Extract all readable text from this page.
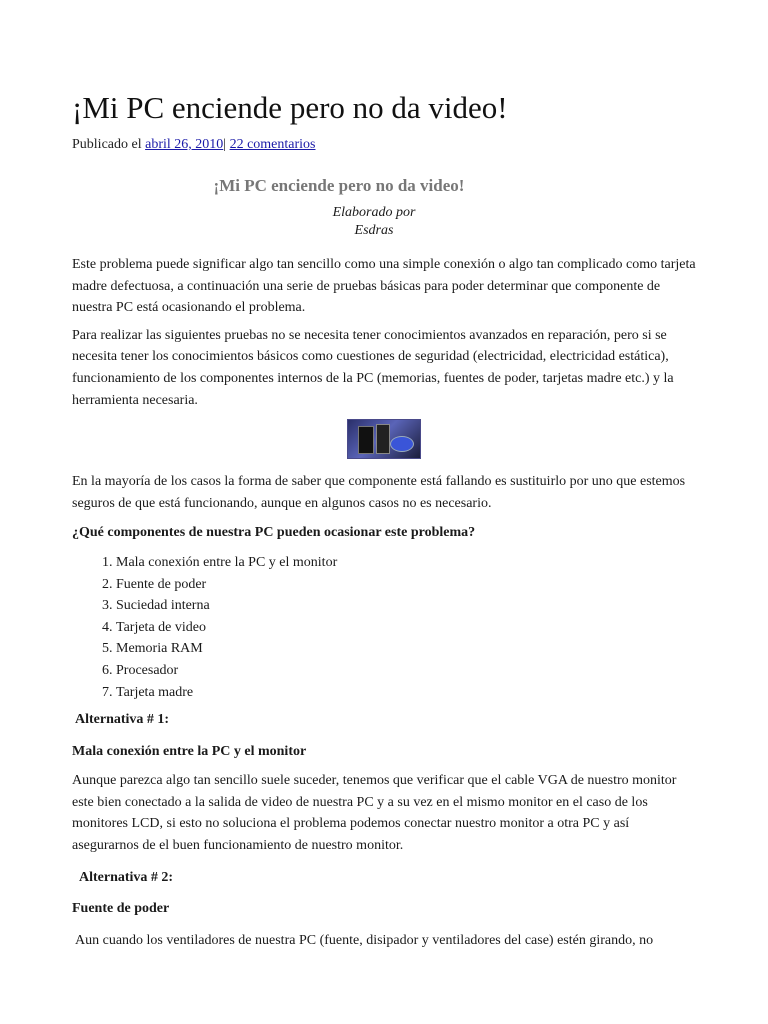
¡Mi PC enciende pero no da video!
Publicado el abril 26, 2010| 22 comentarios
¡Mi PC enciende pero no da video!
Elaborado por
Esdras

Este problema puede significar algo tan sencillo como una simple conexión o algo tan complicado como tarjeta madre defectuosa, a continuación una serie de pruebas básicas para poder determinar que componente de nuestra PC está ocasionando el problema.

Para realizar las siguientes pruebas no se necesita tener conocimientos avanzados en reparación, pero si se necesita tener los conocimientos básicos como cuestiones de seguridad (electricidad, electricidad estática), funcionamiento de los componentes internos de la PC (memorias, fuentes de poder, tarjetas madre etc.) y la herramienta necesaria.

En la mayoría de los casos la forma de saber que componente está fallando es sustituirlo por uno que estemos seguros de que está funcionando, aunque en algunos casos no es necesario.

¿Qué componentes de nuestra PC pueden ocasionar este problema?

1. Mala conexión entre la PC y el monitor
2. Fuente de poder
3. Suciedad interna
4. Tarjeta de video
5. Memoria RAM
6. Procesador
7. Tarjeta madre

Alternativa # 1:

Mala conexión entre la PC y el monitor

Aunque parezca algo tan sencillo suele suceder, tenemos que verificar que el cable VGA de nuestro monitor este bien conectado a la salida de video de nuestra PC y a su vez en el mismo monitor en el caso de los monitores LCD, si esto no soluciona el problema podemos conectar nuestro monitor a otra PC y así asegurarnos de el buen funcionamiento de nuestro monitor.

Alternativa # 2:

Fuente de poder

Aun cuando los ventiladores de nuestra PC (fuente, disipador y ventiladores del case) estén girando, no
